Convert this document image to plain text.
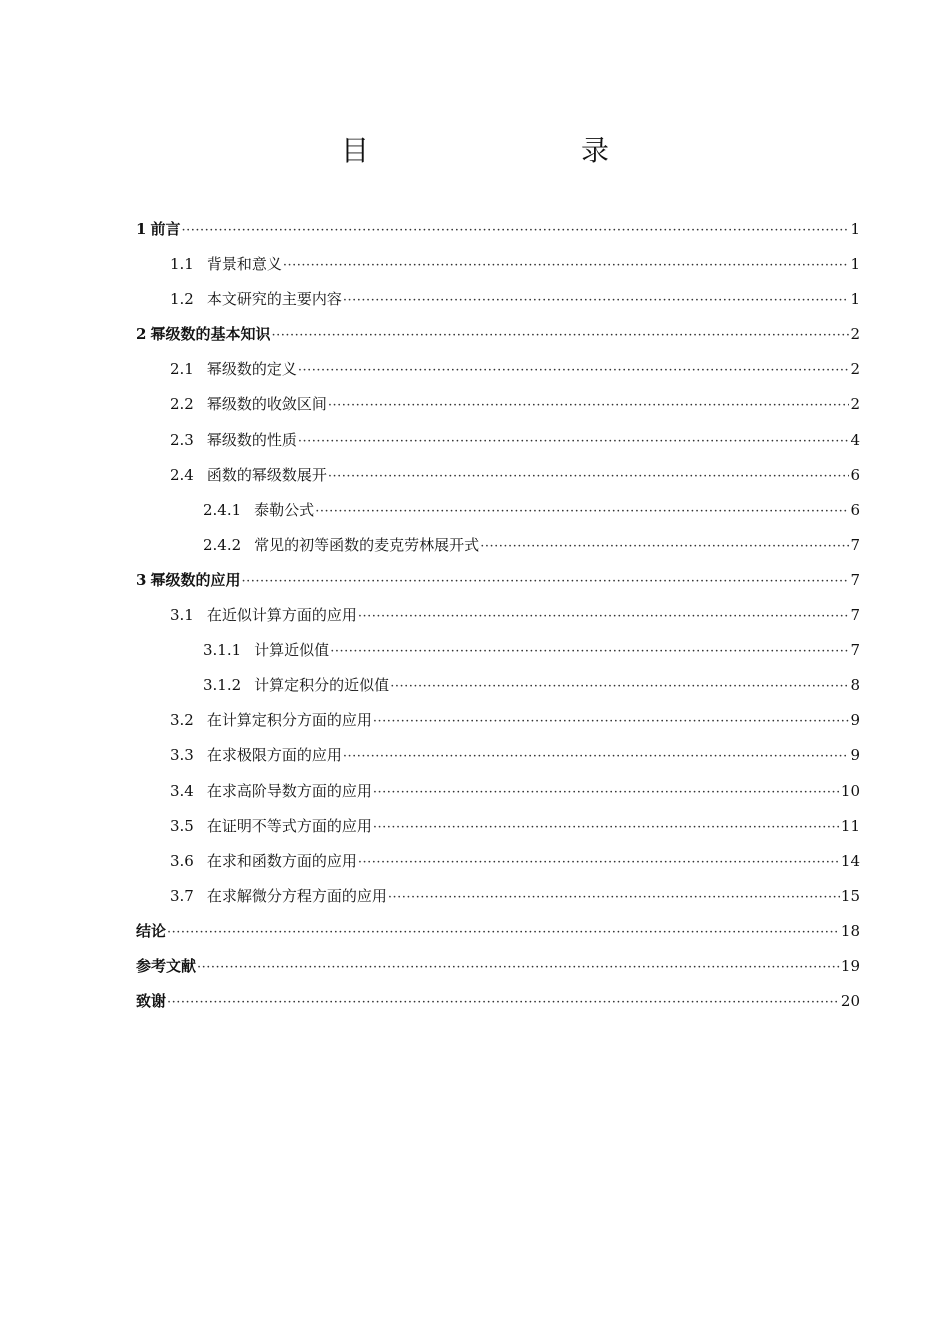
目　　录
1 前言 ·····	1
1.1 背景和意义 ·····	1
1.2 本文研究的主要内容 ·····	1
2 幂级数的基本知识 ·····	2
2.1 幂级数的定义 ·····	2
2.2 幂级数的收敛区间 ·····	2
2.3 幂级数的性质 ·····	4
2.4 函数的幂级数展开 ·····	6
2.4.1 泰勒公式 ·····	6
2.4.2 常见的初等函数的麦克劳林展开式 ·····	7
3 幂级数的应用 ·····	7
3.1 在近似计算方面的应用 ·····	7
3.1.1 计算近似值 ·····	7
3.1.2 计算定积分的近似值 ·····	8
3.2 在计算定积分方面的应用 ·····	9
3.3 在求极限方面的应用 ·····	9
3.4 在求高阶导数方面的应用 ·····	10
3.5 在证明不等式方面的应用 ·····	11
3.6 在求和函数方面的应用 ·····	14
3.7 在求解微分方程方面的应用 ·····	15
结论 ·····	18
参考文献 ·····	19
致谢 ·····	20
